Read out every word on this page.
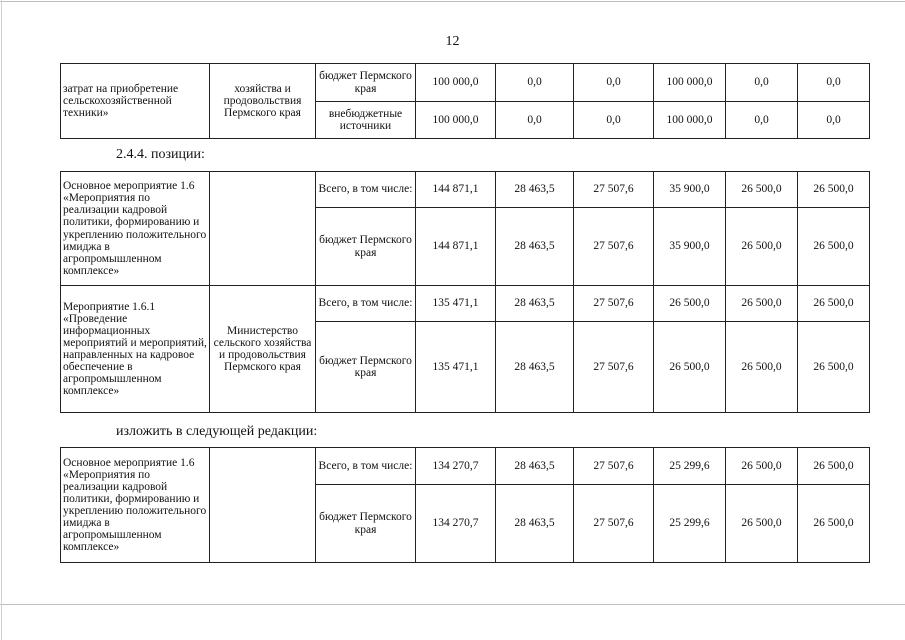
12
затрат на приобретение сельскохозяйственной техники»	хозяйства и продовольствия Пермского края	бюджет Пермского края	100 000,0	0,0	0,0	100 000,0	0,0	0,0
		внебюджетные источники	100 000,0	0,0	0,0	100 000,0	0,0	0,0
2.4.4. позиции:
Основное мероприятие 1.6 «Мероприятия по реализации кадровой политики, формированию и укреплению положительного имиджа в агропромышленном комплексе»		Всего, в том числе:	144 871,1	28 463,5	27 507,6	35 900,0	26 500,0	26 500,0
		бюджет Пермского края	144 871,1	28 463,5	27 507,6	35 900,0	26 500,0	26 500,0
Мероприятие 1.6.1 «Проведение информационных мероприятий и мероприятий, направленных на кадровое обеспечение в агропромышленном комплексе»	Министерство сельского хозяйства и продовольствия Пермского края	Всего, в том числе:	135 471,1	28 463,5	27 507,6	26 500,0	26 500,0	26 500,0
		бюджет Пермского края	135 471,1	28 463,5	27 507,6	26 500,0	26 500,0	26 500,0
изложить в следующей редакции:
Основное мероприятие 1.6 «Мероприятия по реализации кадровой политики, формированию и укреплению положительного имиджа в агропромышленном комплексе»		Всего, в том числе:	134 270,7	28 463,5	27 507,6	25 299,6	26 500,0	26 500,0
		бюджет Пермского края	134 270,7	28 463,5	27 507,6	25 299,6	26 500,0	26 500,0
